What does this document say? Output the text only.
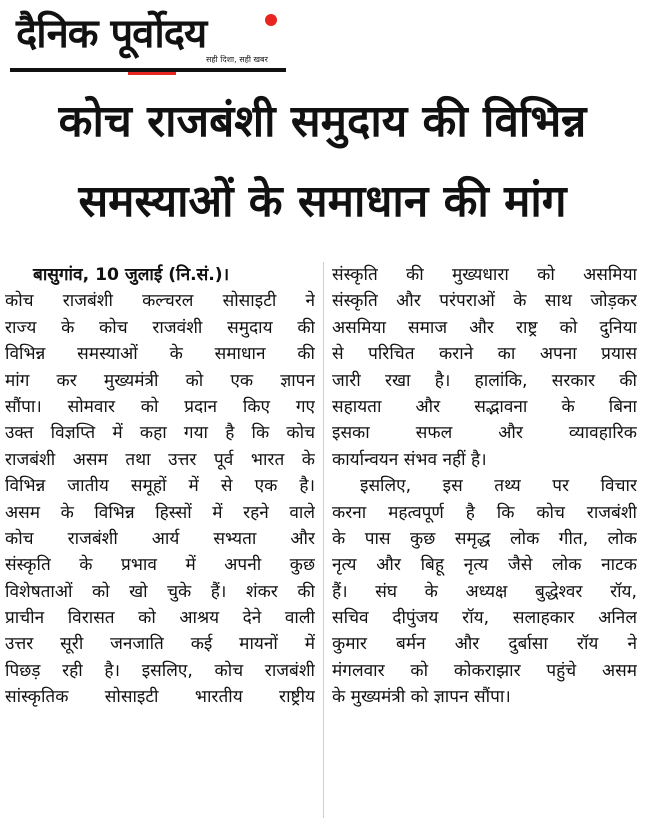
दैनिक पूर्वोदय
सही दिशा, सही खबर
कोच राजबंशी समुदाय की विभिन्न
समस्याओं के समाधान की मांग
बासुगांव, 10 जुलाई (नि.सं.)।
कोच राजबंशी कल्चरल सोसाइटी ने
राज्य के कोच राजवंशी समुदाय की
विभिन्न समस्याओं के समाधान की
मांग कर मुख्यमंत्री को एक ज्ञापन
सौंपा। सोमवार को प्रदान किए गए
उक्त विज्ञप्ति में कहा गया है कि कोच
राजबंशी असम तथा उत्तर पूर्व भारत के
विभिन्न जातीय समूहों में से एक है।
असम के विभिन्न हिस्सों में रहने वाले
कोच राजबंशी आर्य सभ्यता और
संस्कृति के प्रभाव में अपनी कुछ
विशेषताओं को खो चुके हैं। शंकर की
प्राचीन विरासत को आश्रय देने वाली
उत्तर सूरी जनजाति कई मायनों में
पिछड़ रही है। इसलिए, कोच राजबंशी
सांस्कृतिक सोसाइटी भारतीय राष्ट्रीय
संस्कृति की मुख्यधारा को असमिया
संस्कृति और परंपराओं के साथ जोड़कर
असमिया समाज और राष्ट्र को दुनिया
से परिचित कराने का अपना प्रयास
जारी रखा है। हालांकि, सरकार की
सहायता और सद्भावना के बिना
इसका सफल और व्यावहारिक
कार्यान्वयन संभव नहीं है।
इसलिए, इस तथ्य पर विचार
करना महत्वपूर्ण है कि कोच राजबंशी
के पास कुछ समृद्ध लोक गीत, लोक
नृत्य और बिहू नृत्य जैसे लोक नाटक
हैं। संघ के अध्यक्ष बुद्धेश्वर रॉय,
सचिव दीपुंजय रॉय, सलाहकार अनिल
कुमार बर्मन और दुर्बासा रॉय ने
मंगलवार को कोकराझार पहुंचे असम
के मुख्यमंत्री को ज्ञापन सौंपा।
